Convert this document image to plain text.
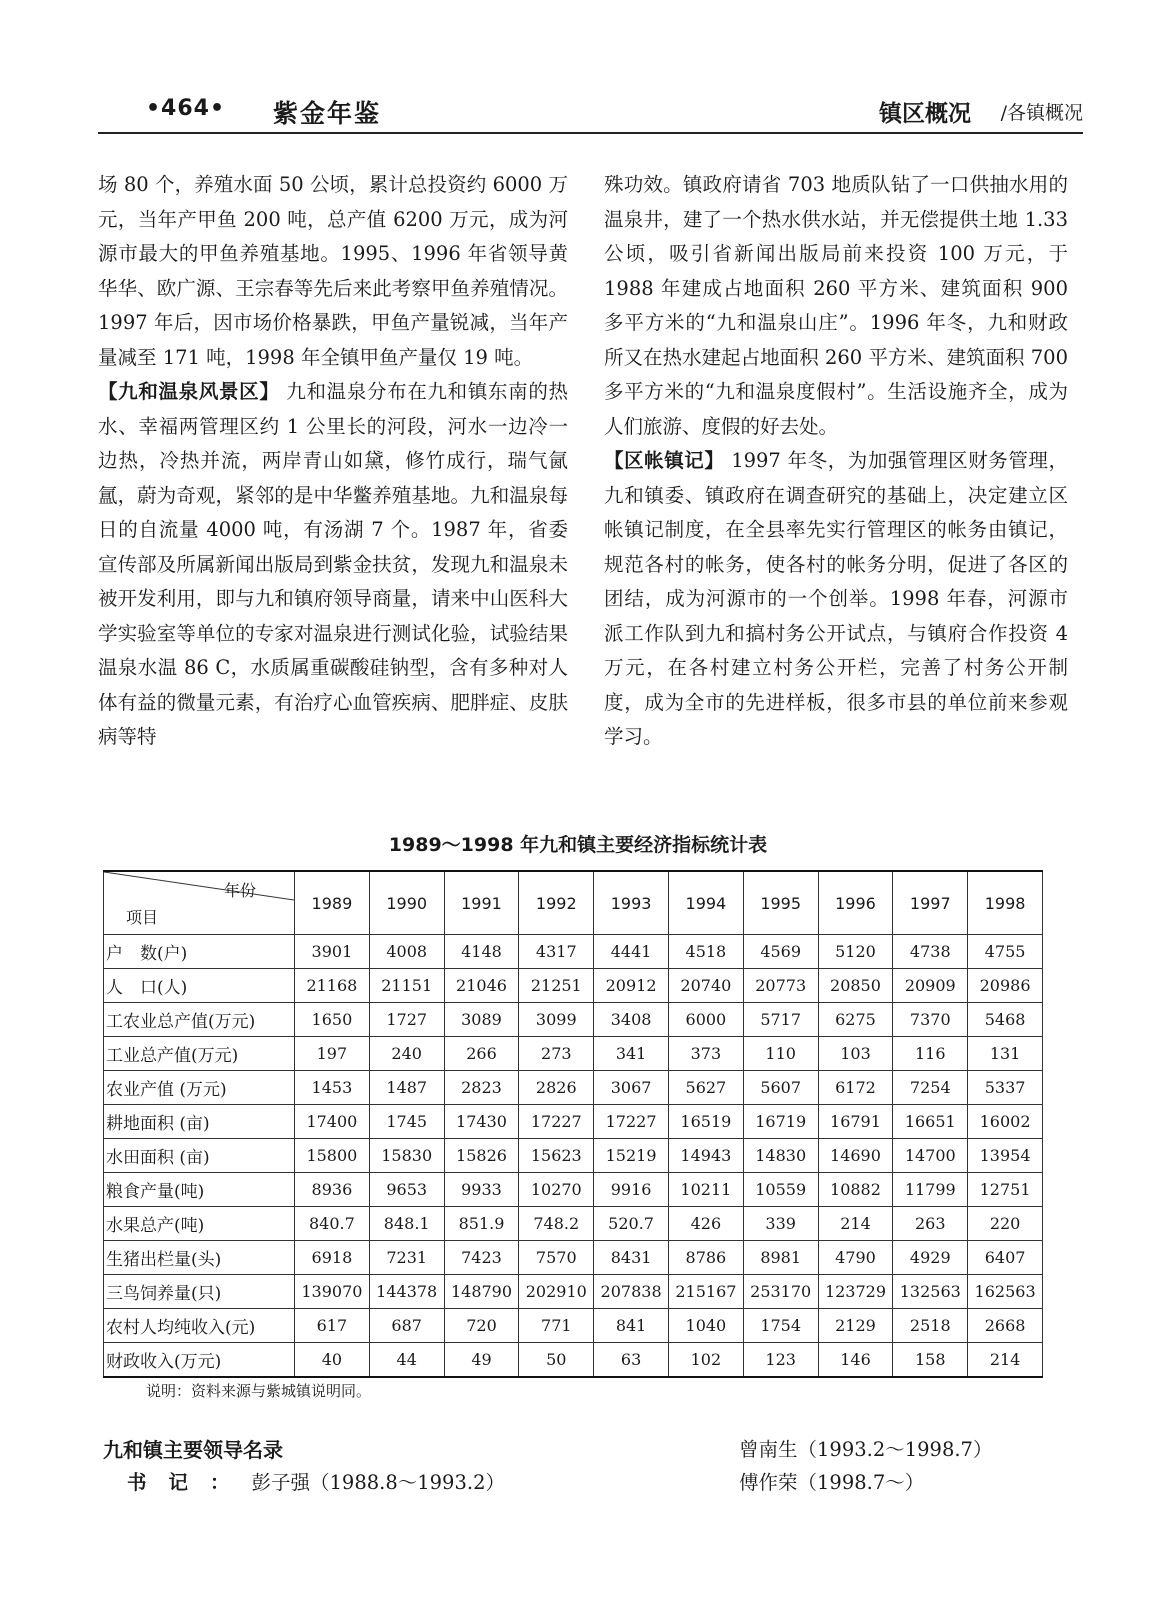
•464• 紫金年鉴	/各镇概况
镇区概况

场 80 个，养殖水面 50 公顷，累计总投资约 6000 万元，当年产甲鱼 200 吨，总产值 6200 万元，成为河源市最大的甲鱼养殖基地。1995、1996 年省领导黄华华、欧广源、王宗春等先后来此考察甲鱼养殖情况。1997 年后，因市场价格暴跌，甲鱼产量锐减，当年产量减至 171 吨，1998 年全镇甲鱼产量仅 19 吨。

【九和温泉风景区】 九和温泉分布在九和镇东南的热水、幸福两管理区约 1 公里长的河段，河水一边冷一边热，冷热并流，两岸青山如黛，修竹成行，瑞气氤氲，蔚为奇观，紧邻的是中华鳖养殖基地。九和温泉每日的自流量 4000 吨，有汤湖 7 个。1987 年，省委宣传部及所属新闻出版局到紫金扶贫，发现九和温泉未被开发利用，即与九和镇府领导商量，请来中山医科大学实验室等单位的专家对温泉进行测试化验，试验结果温泉水温 86 C，水质属重碳酸硅钠型，含有多种对人体有益的微量元素，有治疗心血管疾病、肥胖症、皮肤病等特

殊功效。镇政府请省 703 地质队钻了一口供抽水用的温泉井，建了一个热水供水站，并无偿提供土地 1.33 公顷，吸引省新闻出版局前来投资 100 万元，于 1988 年建成占地面积 260 平方米、建筑面积 900 多平方米的“九和温泉山庄”。1996 年冬，九和财政所又在热水建起占地面积 260 平方米、建筑面积 700 多平方米的“九和温泉度假村”。生活设施齐全，成为人们旅游、度假的好去处。

【区帐镇记】 1997 年冬，为加强管理区财务管理，九和镇委、镇政府在调查研究的基础上，决定建立区帐镇记制度，在全县率先实行管理区的帐务由镇记，规范各村的帐务，使各村的帐务分明，促进了各区的团结，成为河源市的一个创举。1998 年春，河源市派工作队到九和搞村务公开试点，与镇府合作投资 4 万元，在各村建立村务公开栏，完善了村务公开制度，成为全市的先进样板，很多市县的单位前来参观学习。

1989～1998 年九和镇主要经济指标统计表
年份
项目	1989	1990	1991	1992	1993	1994	1995	1996	1997	1998
户　数(户)	3901	4008	4148	4317	4441	4518	4569	5120	4738	4755
人　口(人)	21168	21151	21046	21251	20912	20740	20773	20850	20909	20986
工农业总产值(万元)	1650	1727	3089	3099	3408	6000	5717	6275	7370	5468
工业总产值(万元)	197	240	266	273	341	373	110	103	116	131
农业产值 (万元)	1453	1487	2823	2826	3067	5627	5607	6172	7254	5337
耕地面积 (亩)	17400	1745	17430	17227	17227	16519	16719	16791	16651	16002
水田面积 (亩)	15800	15830	15826	15623	15219	14943	14830	14690	14700	13954
粮食产量(吨)	8936	9653	9933	10270	9916	10211	10559	10882	11799	12751
水果总产(吨)	840.7	848.1	851.9	748.2	520.7	426	339	214	263	220
生猪出栏量(头)	6918	7231	7423	7570	8431	8786	8981	4790	4929	6407
三鸟饲养量(只)	139070	144378	148790	202910	207838	215167	253170	123729	132563	162563
农村人均纯收入(元)	617	687	720	771	841	1040	1754	2129	2518	2668
财政收入(万元)	40	44	49	50	63	102	123	146	158	214
说明：资料来源与紫城镇说明同。
九和镇主要领导名录
书记：彭子强（1988.8～1993.2）
曾南生（1993.2～1998.7）
傅作荣（1998.7～）
